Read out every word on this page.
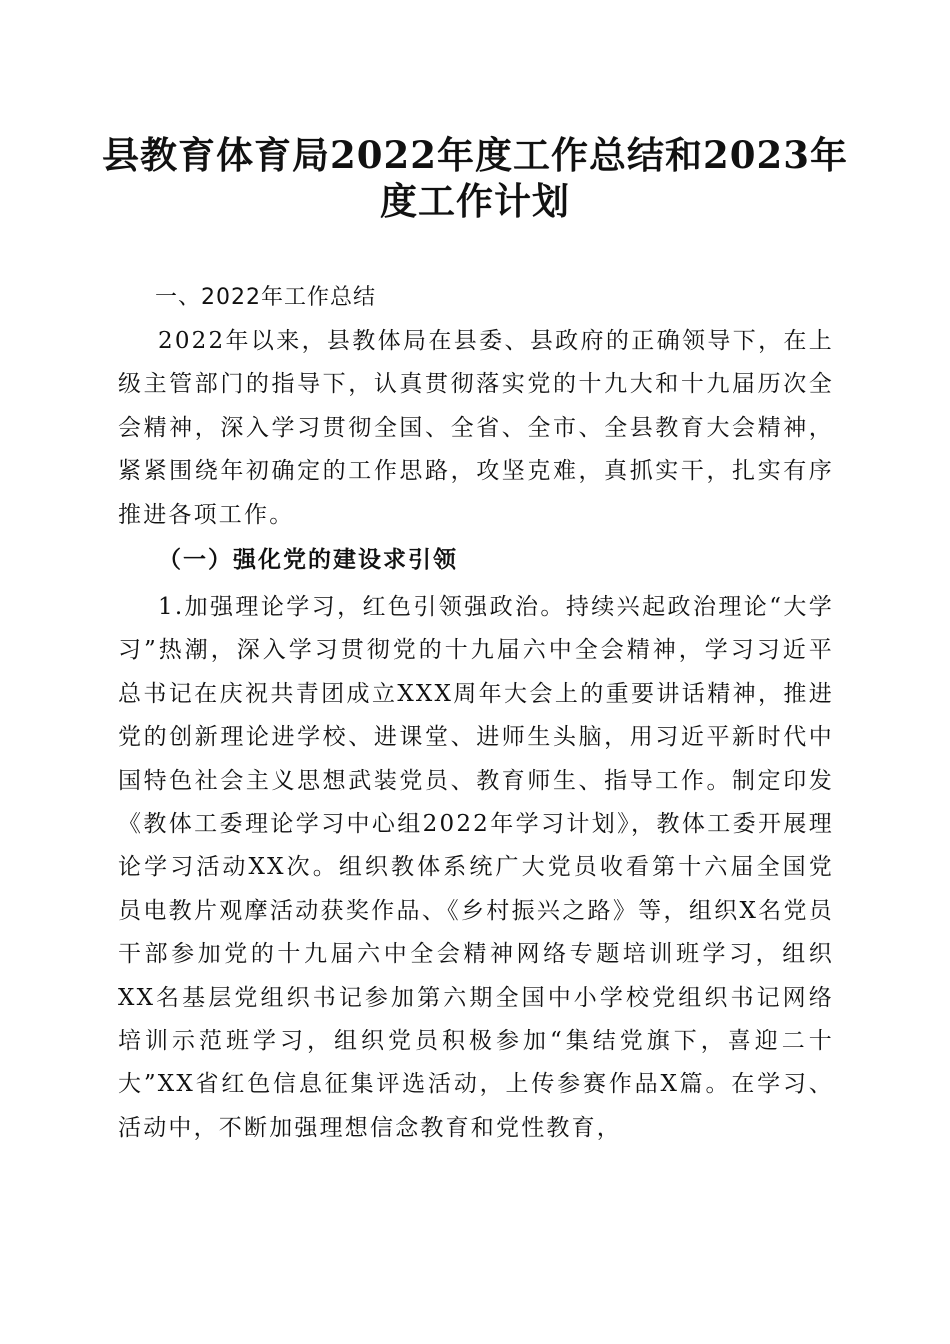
县教育体育局2022年度工作总结和2023年度工作计划
一、2022年工作总结

2022年以来，县教体局在县委、县政府的正确领导下，在上级主管部门的指导下，认真贯彻落实党的十九大和十九届历次全会精神，深入学习贯彻全国、全省、全市、全县教育大会精神，紧紧围绕年初确定的工作思路，攻坚克难，真抓实干，扎实有序推进各项工作。

（一）强化党的建设求引领

1.加强理论学习，红色引领强政治。持续兴起政治理论“大学习”热潮，深入学习贯彻党的十九届六中全会精神，学习习近平总书记在庆祝共青团成立XXX周年大会上的重要讲话精神，推进党的创新理论进学校、进课堂、进师生头脑，用习近平新时代中国特色社会主义思想武装党员、教育师生、指导工作。制定印发《教体工委理论学习中心组2022年学习计划》，教体工委开展理论学习活动XX次。组织教体系统广大党员收看第十六届全国党员电教片观摩活动获奖作品、《乡村振兴之路》等，组织X名党员干部参加党的十九届六中全会精神网络专题培训班学习，组织XX名基层党组织书记参加第六期全国中小学校党组织书记网络培训示范班学习，组织党员积极参加“集结党旗下，喜迎二十大”XX省红色信息征集评选活动，上传参赛作品X篇。在学习、活动中，不断加强理想信念教育和党性教育，
